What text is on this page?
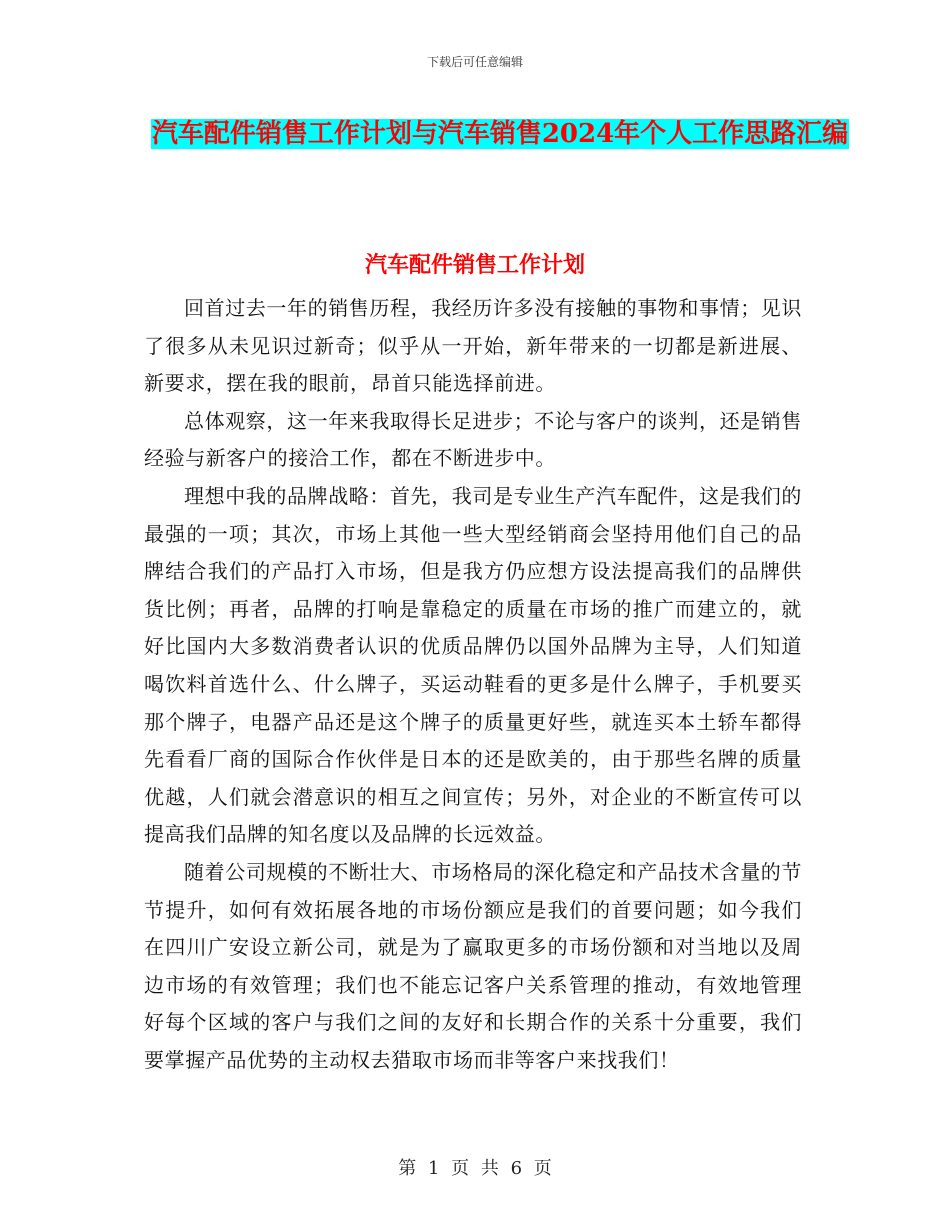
下载后可任意编辑
汽车配件销售工作计划与汽车销售2024年个人工作思路汇编
汽车配件销售工作计划

回首过去一年的销售历程，我经历许多没有接触的事物和事情；见识了很多从未见识过新奇；似乎从一开始，新年带来的一切都是新进展、新要求，摆在我的眼前，昂首只能选择前进。

总体观察，这一年来我取得长足进步；不论与客户的谈判，还是销售经验与新客户的接洽工作，都在不断进步中。

理想中我的品牌战略：首先，我司是专业生产汽车配件，这是我们的最强的一项；其次，市场上其他一些大型经销商会坚持用他们自己的品牌结合我们的产品打入市场，但是我方仍应想方设法提高我们的品牌供货比例；再者，品牌的打响是靠稳定的质量在市场的推广而建立的，就好比国内大多数消费者认识的优质品牌仍以国外品牌为主导，人们知道喝饮料首选什么、什么牌子，买运动鞋看的更多是什么牌子，手机要买那个牌子，电器产品还是这个牌子的质量更好些，就连买本土轿车都得先看看厂商的国际合作伙伴是日本的还是欧美的，由于那些名牌的质量优越，人们就会潜意识的相互之间宣传；另外，对企业的不断宣传可以提高我们品牌的知名度以及品牌的长远效益。

随着公司规模的不断壮大、市场格局的深化稳定和产品技术含量的节节提升，如何有效拓展各地的市场份额应是我们的首要问题；如今我们在四川广安设立新公司，就是为了赢取更多的市场份额和对当地以及周边市场的有效管理；我们也不能忘记客户关系管理的推动，有效地管理好每个区域的客户与我们之间的友好和长期合作的关系十分重要，我们要掌握产品优势的主动权去猎取市场而非等客户来找我们！

第 1 页 共 6 页
